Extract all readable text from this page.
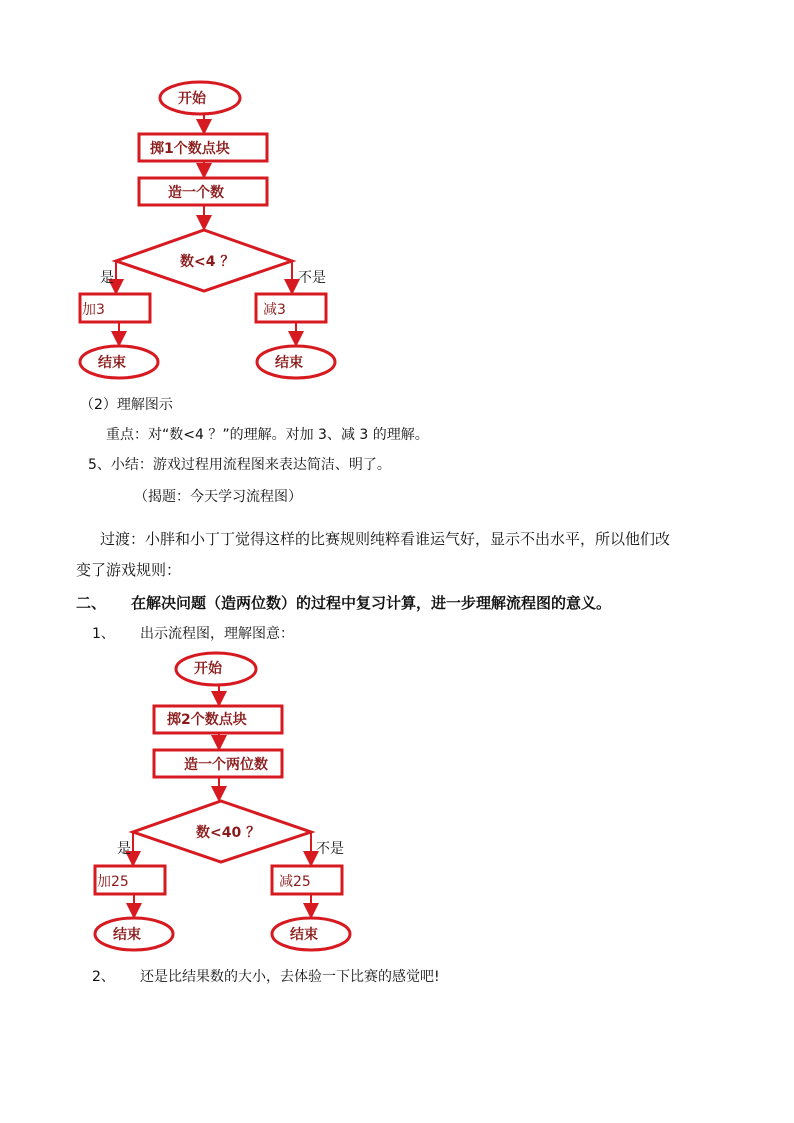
开始
掷1个数点块
造一个数
数<4 ？
是	不是
加3	减3
结束	结束
（2）理解图示
重点：对“数<4 ？”的理解。对加 3、减 3 的理解。
5、小结：游戏过程用流程图来表达简洁、明了。
（揭题：今天学习流程图）
过渡：小胖和小丁丁觉得这样的比赛规则纯粹看谁运气好，显示不出水平，所以他们改
变了游戏规则：
二、 在解决问题（造两位数）的过程中复习计算，进一步理解流程图的意义。
1、 出示流程图，理解图意：
开始
掷2个数点块
造一个两位数
数<40 ？
是	不是
加25	减25
结束	结束
2、 还是比结果数的大小，去体验一下比赛的感觉吧!
